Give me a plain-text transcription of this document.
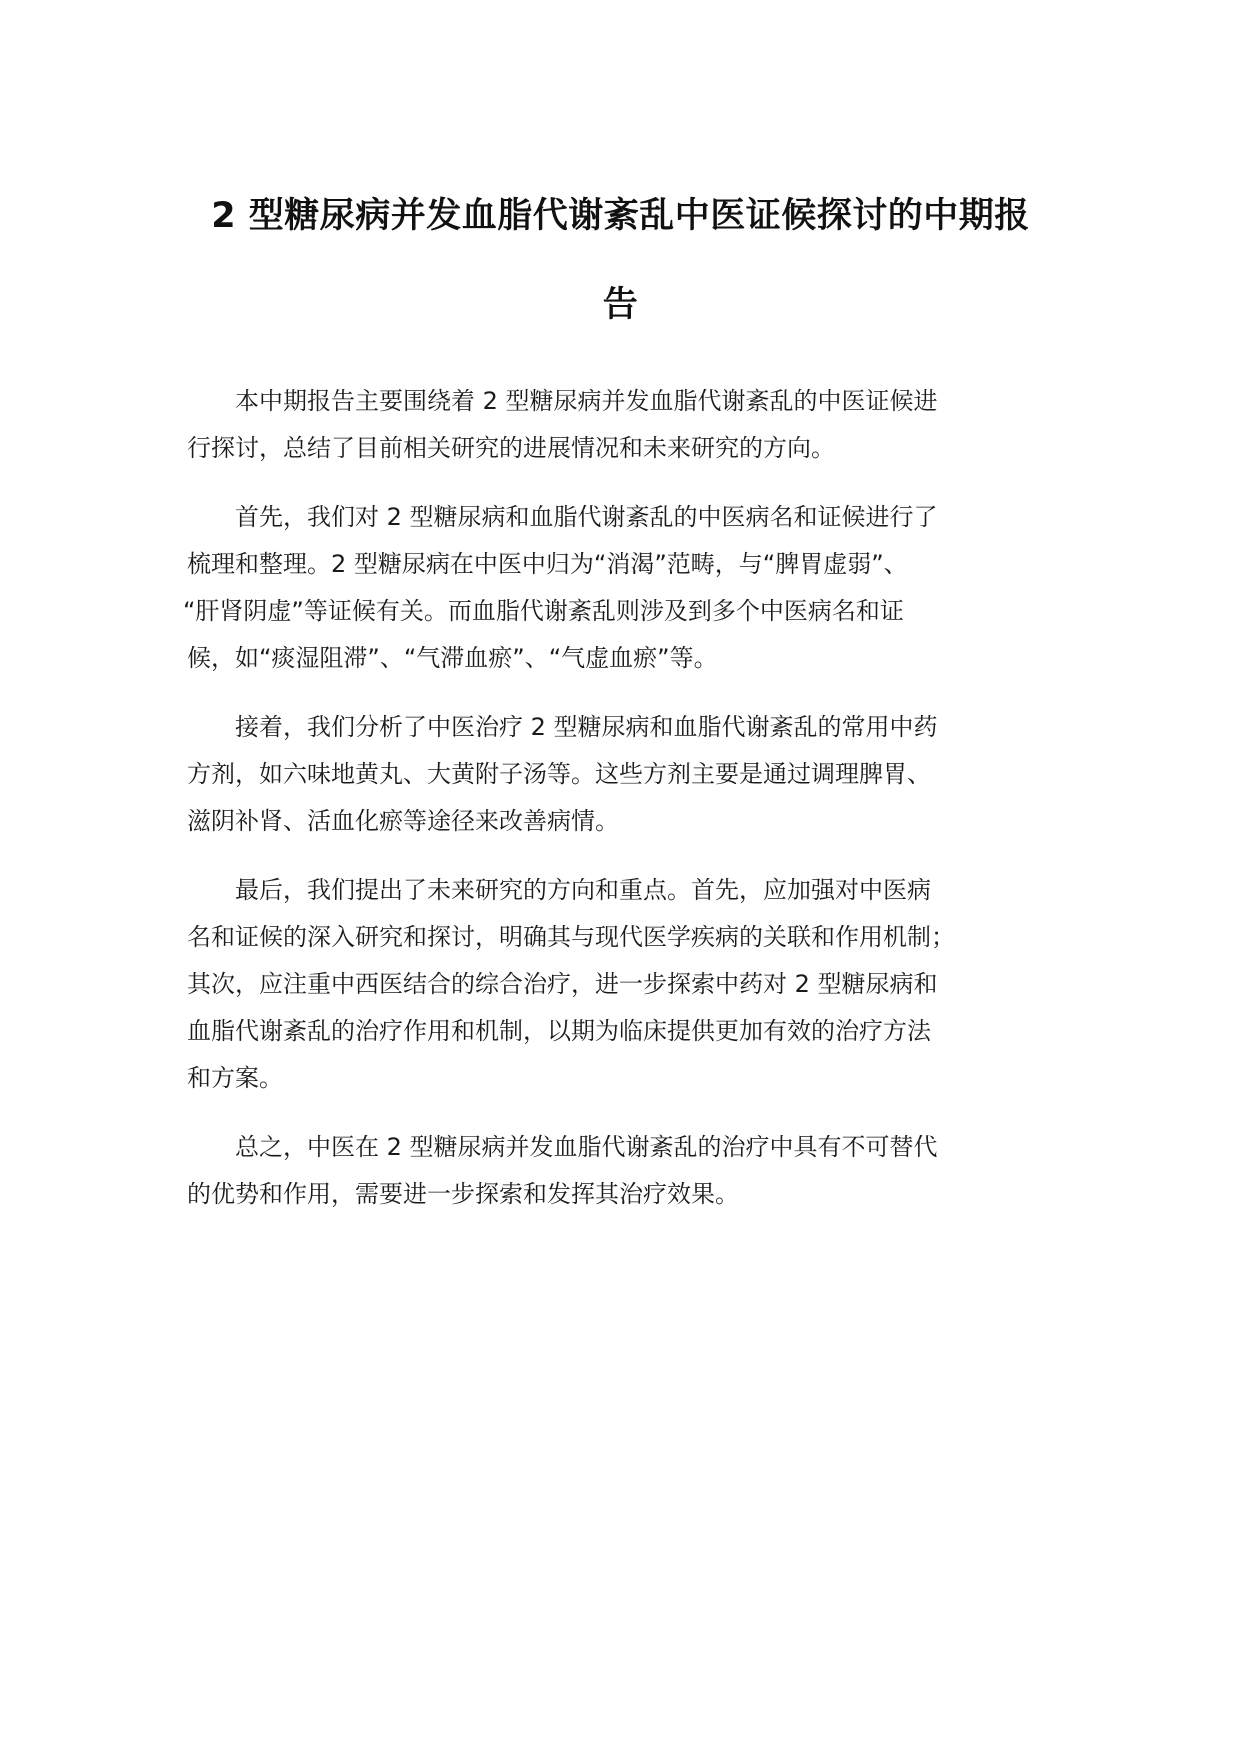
2 型糖尿病并发血脂代谢紊乱中医证候探讨的中期报
告

本中期报告主要围绕着 2 型糖尿病并发血脂代谢紊乱的中医证候进
行探讨，总结了目前相关研究的进展情况和未来研究的方向。

首先，我们对 2 型糖尿病和血脂代谢紊乱的中医病名和证候进行了
梳理和整理。2 型糖尿病在中医中归为“消渴”范畴，与“脾胃虚弱”、
“肝肾阴虚”等证候有关。而血脂代谢紊乱则涉及到多个中医病名和证
候，如“痰湿阻滞”、“气滞血瘀”、“气虚血瘀”等。

接着，我们分析了中医治疗 2 型糖尿病和血脂代谢紊乱的常用中药
方剂，如六味地黄丸、大黄附子汤等。这些方剂主要是通过调理脾胃、
滋阴补肾、活血化瘀等途径来改善病情。

最后，我们提出了未来研究的方向和重点。首先，应加强对中医病
名和证候的深入研究和探讨，明确其与现代医学疾病的关联和作用机制；
其次，应注重中西医结合的综合治疗，进一步探索中药对 2 型糖尿病和
血脂代谢紊乱的治疗作用和机制，以期为临床提供更加有效的治疗方法
和方案。

总之，中医在 2 型糖尿病并发血脂代谢紊乱的治疗中具有不可替代
的优势和作用，需要进一步探索和发挥其治疗效果。
